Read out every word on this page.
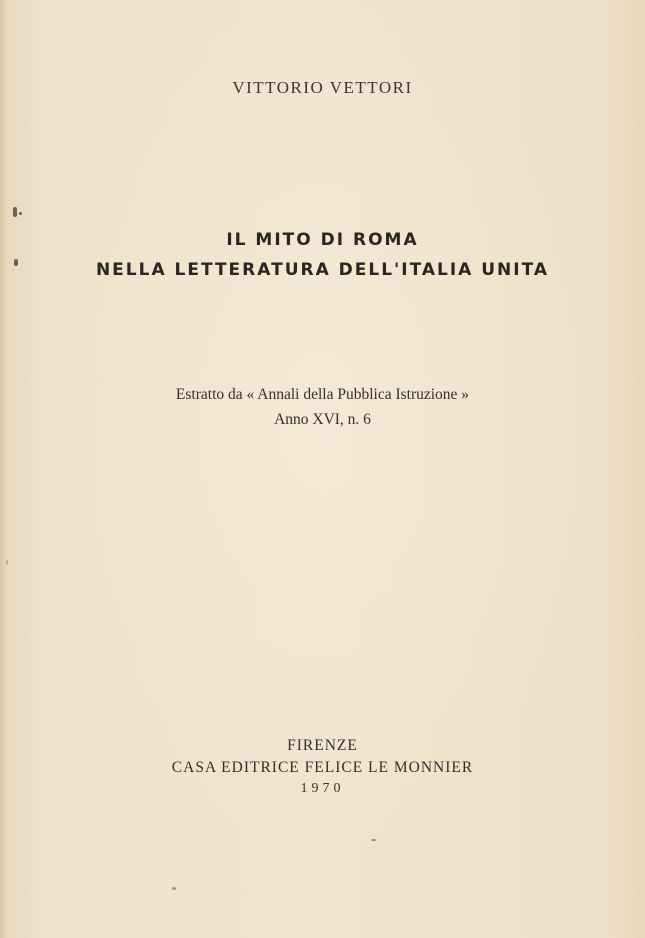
VITTORIO VETTORI
IL MITO DI ROMA
NELLA LETTERATURA DELL'ITALIA UNITA
Estratto da « Annali della Pubblica Istruzione »
Anno XVI, n. 6
FIRENZE
CASA EDITRICE FELICE LE MONNIER
1970
